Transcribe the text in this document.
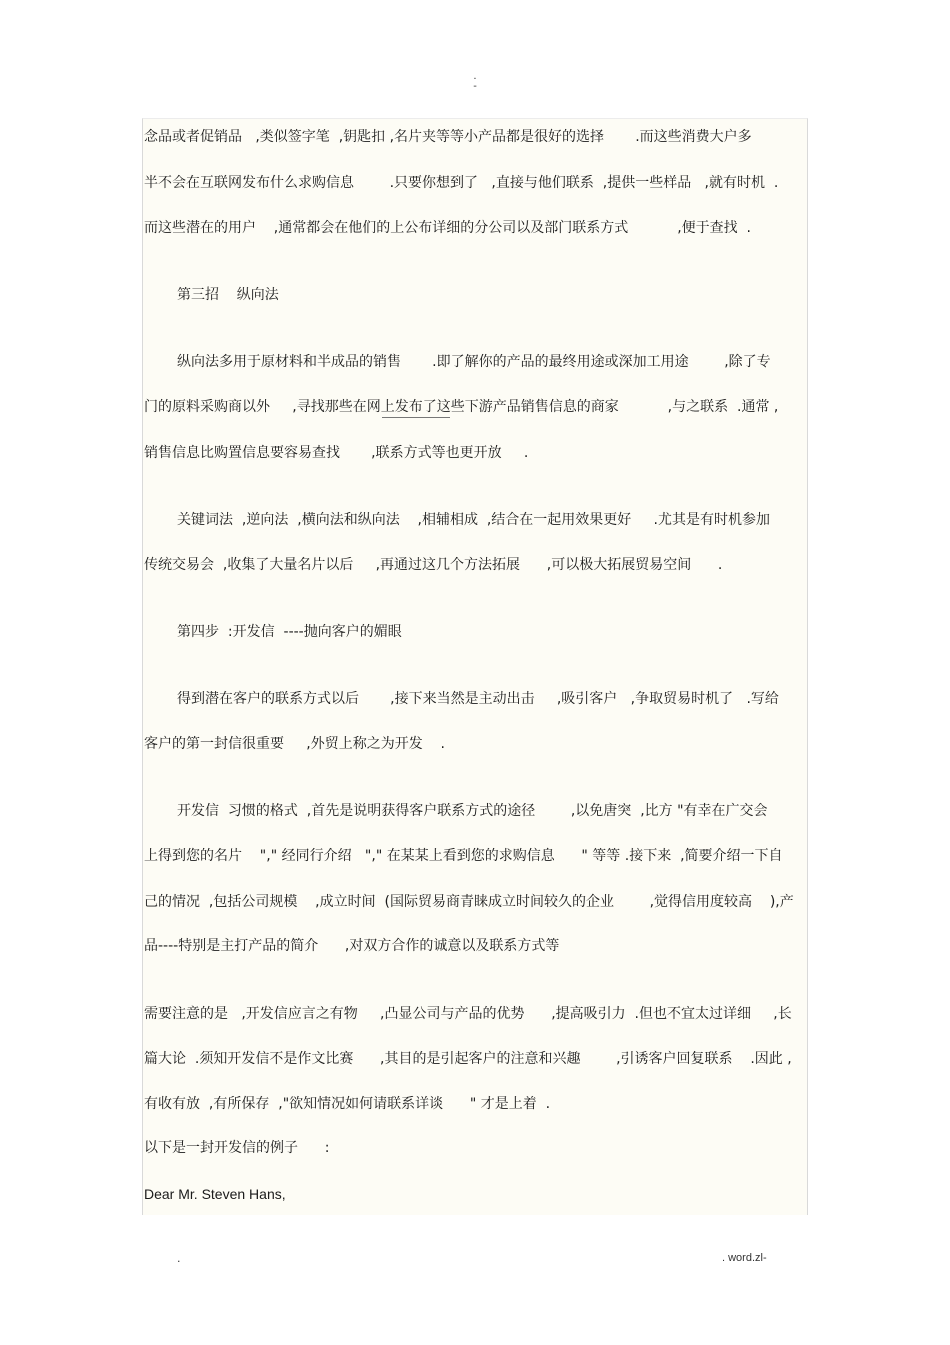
.
-
念品或者促销品   ,类似签字笔  ,钥匙扣 ,名片夹等等小产品都是很好的选择       .而这些消费大户多
半不会在互联网发布什么求购信息        .只要你想到了   ,直接与他们联系  ,提供一些样品   ,就有时机  .
而这些潜在的用户    ,通常都会在他们的上公布详细的分公司以及部门联系方式           ,便于查找  .
第三招    纵向法
纵向法多用于原材料和半成品的销售       .即了解你的产品的最终用途或深加工用途        ,除了专
门的原料采购商以外     ,寻找那些在网上发布了这些下游产品销售信息的商家           ,与之联系  .通常 ,
销售信息比购置信息要容易查找       ,联系方式等也更开放     .
关键词法  ,逆向法  ,横向法和纵向法    ,相辅相成  ,结合在一起用效果更好     .尤其是有时机参加
传统交易会  ,收集了大量名片以后     ,再通过这几个方法拓展      ,可以极大拓展贸易空间      .
第四步  :开发信  ----抛向客户的媚眼
得到潜在客户的联系方式以后       ,接下来当然是主动出击     ,吸引客户   ,争取贸易时机了   .写给
客户的第一封信很重要     ,外贸上称之为开发    .
开发信  习惯的格式  ,首先是说明获得客户联系方式的途径        ,以免唐突  ,比方 "有幸在广交会
上得到您的名片    "," 经同行介绍   "," 在某某上看到您的求购信息      " 等等 .接下来  ,简要介绍一下自
己的情况  ,包括公司规模    ,成立时间  (国际贸易商青睐成立时间较久的企业        ,觉得信用度较高    ),产
品----特别是主打产品的简介      ,对双方合作的诚意以及联系方式等
需要注意的是   ,开发信应言之有物     ,凸显公司与产品的优势      ,提高吸引力  .但也不宜太过详细     ,长
篇大论  .须知开发信不是作文比赛      ,其目的是引起客户的注意和兴趣        ,引诱客户回复联系    .因此 ,
有收有放  ,有所保存  ,"欲知情况如何请联系详谈      " 才是上着  .
以下是一封开发信的例子      :
Dear Mr. Steven Hans,
.	. word.zl-
